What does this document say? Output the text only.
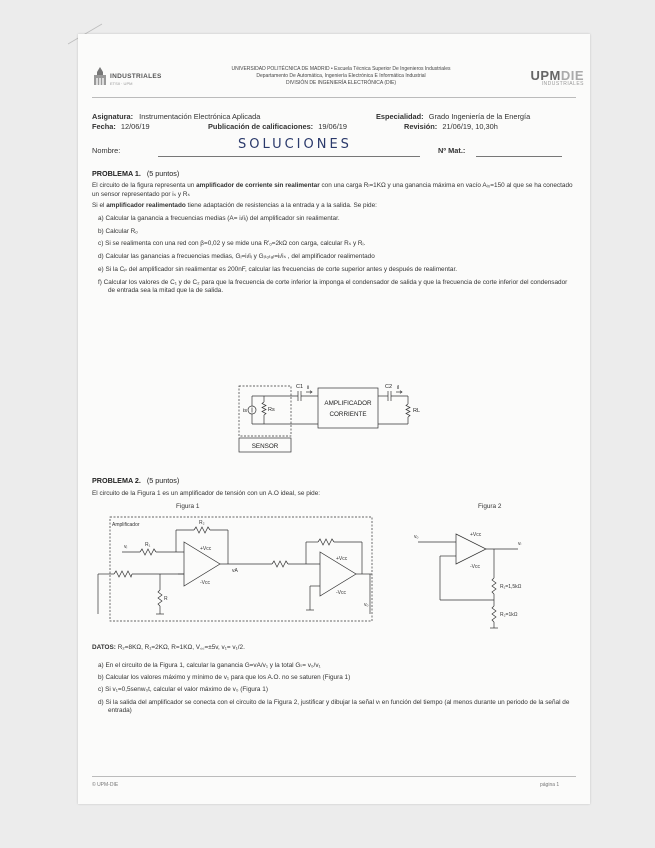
INDUSTRIALES
ETSII · UPM
UNIVERSIDAD POLITÉCNICA DE MADRID • Escuela Técnica Superior De Ingenieros Industriales
Departamento De Automática, Ingeniería Electrónica E Informática Industrial
DIVISIÓN DE INGENIERÍA ELECTRÓNICA (DIE)	UPMDIE
INDUSTRIALES
Asignatura: Instrumentación Electrónica Aplicada	Especialidad: Grado Ingeniería de la Energía
Fecha: 12/06/19	Publicación de calificaciones: 19/06/19	Revisión: 21/06/19, 10,30h
Nombre:	SOLUCIONES	Nº Mat.:
PROBLEMA 1. (5 puntos)
El circuito de la figura representa un amplificador de corriente sin realimentar con una carga Rₗ=1KΩ y una ganancia máxima en vacío Aᵢ₀=150 al que se ha conectado un sensor representado por iₛ y Rₛ
Si el amplificador realimentado tiene adaptación de resistencias a la entrada y a la salida. Se pide:
a) Calcular la ganancia a frecuencias medias (A= iₗ/iᵢ) del amplificador sin realimentar.
b) Calcular Rₒ
c) Si se realimenta con una red con β=0,02 y se mide una R'ₒ=2kΩ con carga, calcular Rₛ y Rᵢ.
d) Calcular las ganancias a frecuencias medias, Gᵢ=iₗ/iᵢ y Gᵢₜₒₜₐₗ=iₗ/iₛ , del amplificador realimentado
e) Si la Cₚ del amplificador sin realimentar es 200nF, calcular las frecuencias de corte superior antes y después de realimentar.
f) Calcular los valores de C₁ y de C₂ para que la frecuencia de corte inferior la imponga el condensador de salida y que la frecuencia de corte inferior del condensador de entrada sea la mitad que la de salida.
AMPLIFICADOR
CORRIENTE
SENSOR
C1	C2
ii	il
is	Rs	RL
PROBLEMA 2. (5 puntos)
El circuito de la Figura 1 es un amplificador de tensión con un A.O ideal, se pide:
Figura 1	Figura 2
Amplificador
+Vcc
-Vcc
+Vcc
-Vcc
R
R₁
R₂
vᵢ
vA
vₒ
vₒ	+Vcc
-Vcc
R₁=1,5kΩ
R₂=1kΩ
vₗ
DATOS: R₂=8KΩ, R₁=2KΩ, R=1KΩ, V꜀꜀=±5v, v₁= v₁/2.
a) En el circuito de la Figura 1, calcular la ganancia G=vA/v₁ y la total Gₜ= v₀/v₁
b) Calcular los valores máximo y mínimo de v₁ para que los A.O. no se saturen (Figura 1)
c) Si v₁=0,5senw₀t, calcular el valor máximo de v₀ (Figura 1)
d) Si la salida del amplificador se conecta con el circuito de la Figura 2, justificar y dibujar la señal vₗ en función del tiempo (al menos durante un periodo de la señal de entrada)
© UPM-DIE	página 1
